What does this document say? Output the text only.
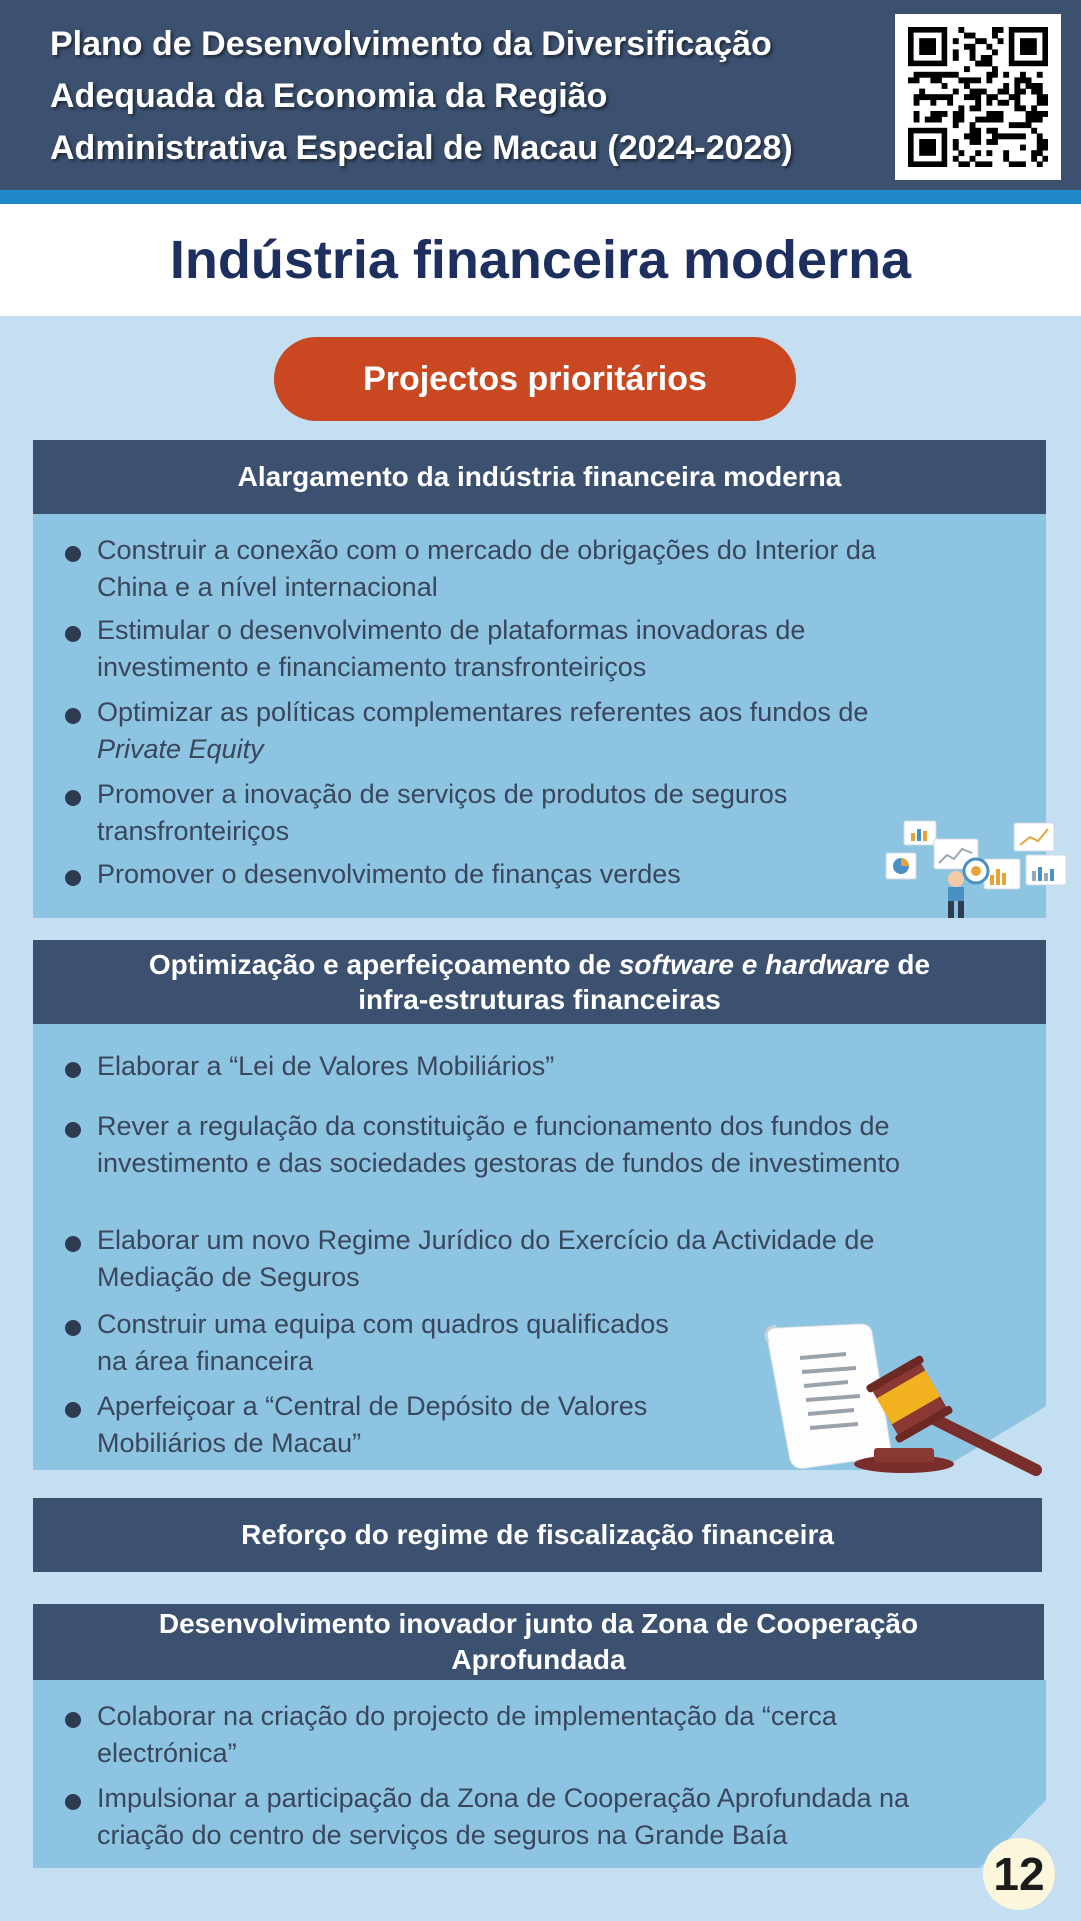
Plano de Desenvolvimento da Diversificação
Adequada da Economia da Região
Administrativa Especial de Macau (2024-2028)
Indústria financeira moderna
Projectos prioritários
Alargamento da indústria financeira moderna
Construir a conexão com o mercado de obrigações do Interior da
China e a nível internacional
Estimular o desenvolvimento de plataformas inovadoras de
investimento e financiamento transfronteiriços
Optimizar as políticas complementares referentes aos fundos de
Private Equity
Promover a inovação de serviços de produtos de seguros
transfronteiriços
Promover o desenvolvimento de finanças verdes
Optimização e aperfeiçoamento de software e hardware de
infra-estruturas financeiras
Elaborar a “Lei de Valores Mobiliários”
Rever a regulação da constituição e funcionamento dos fundos de
investimento e das sociedades gestoras de fundos de investimento
Elaborar um novo Regime Jurídico do Exercício da Actividade de
Mediação de Seguros
Construir uma equipa com quadros qualificados
na área financeira
Aperfeiçoar a “Central de Depósito de Valores
Mobiliários de Macau”
Reforço do regime de fiscalização financeira
Desenvolvimento inovador junto da Zona de Cooperação
Aprofundada
Colaborar na criação do projecto de implementação da “cerca
electrónica”
Impulsionar a participação da Zona de Cooperação Aprofundada na
criação do centro de serviços de seguros na Grande Baía
12
